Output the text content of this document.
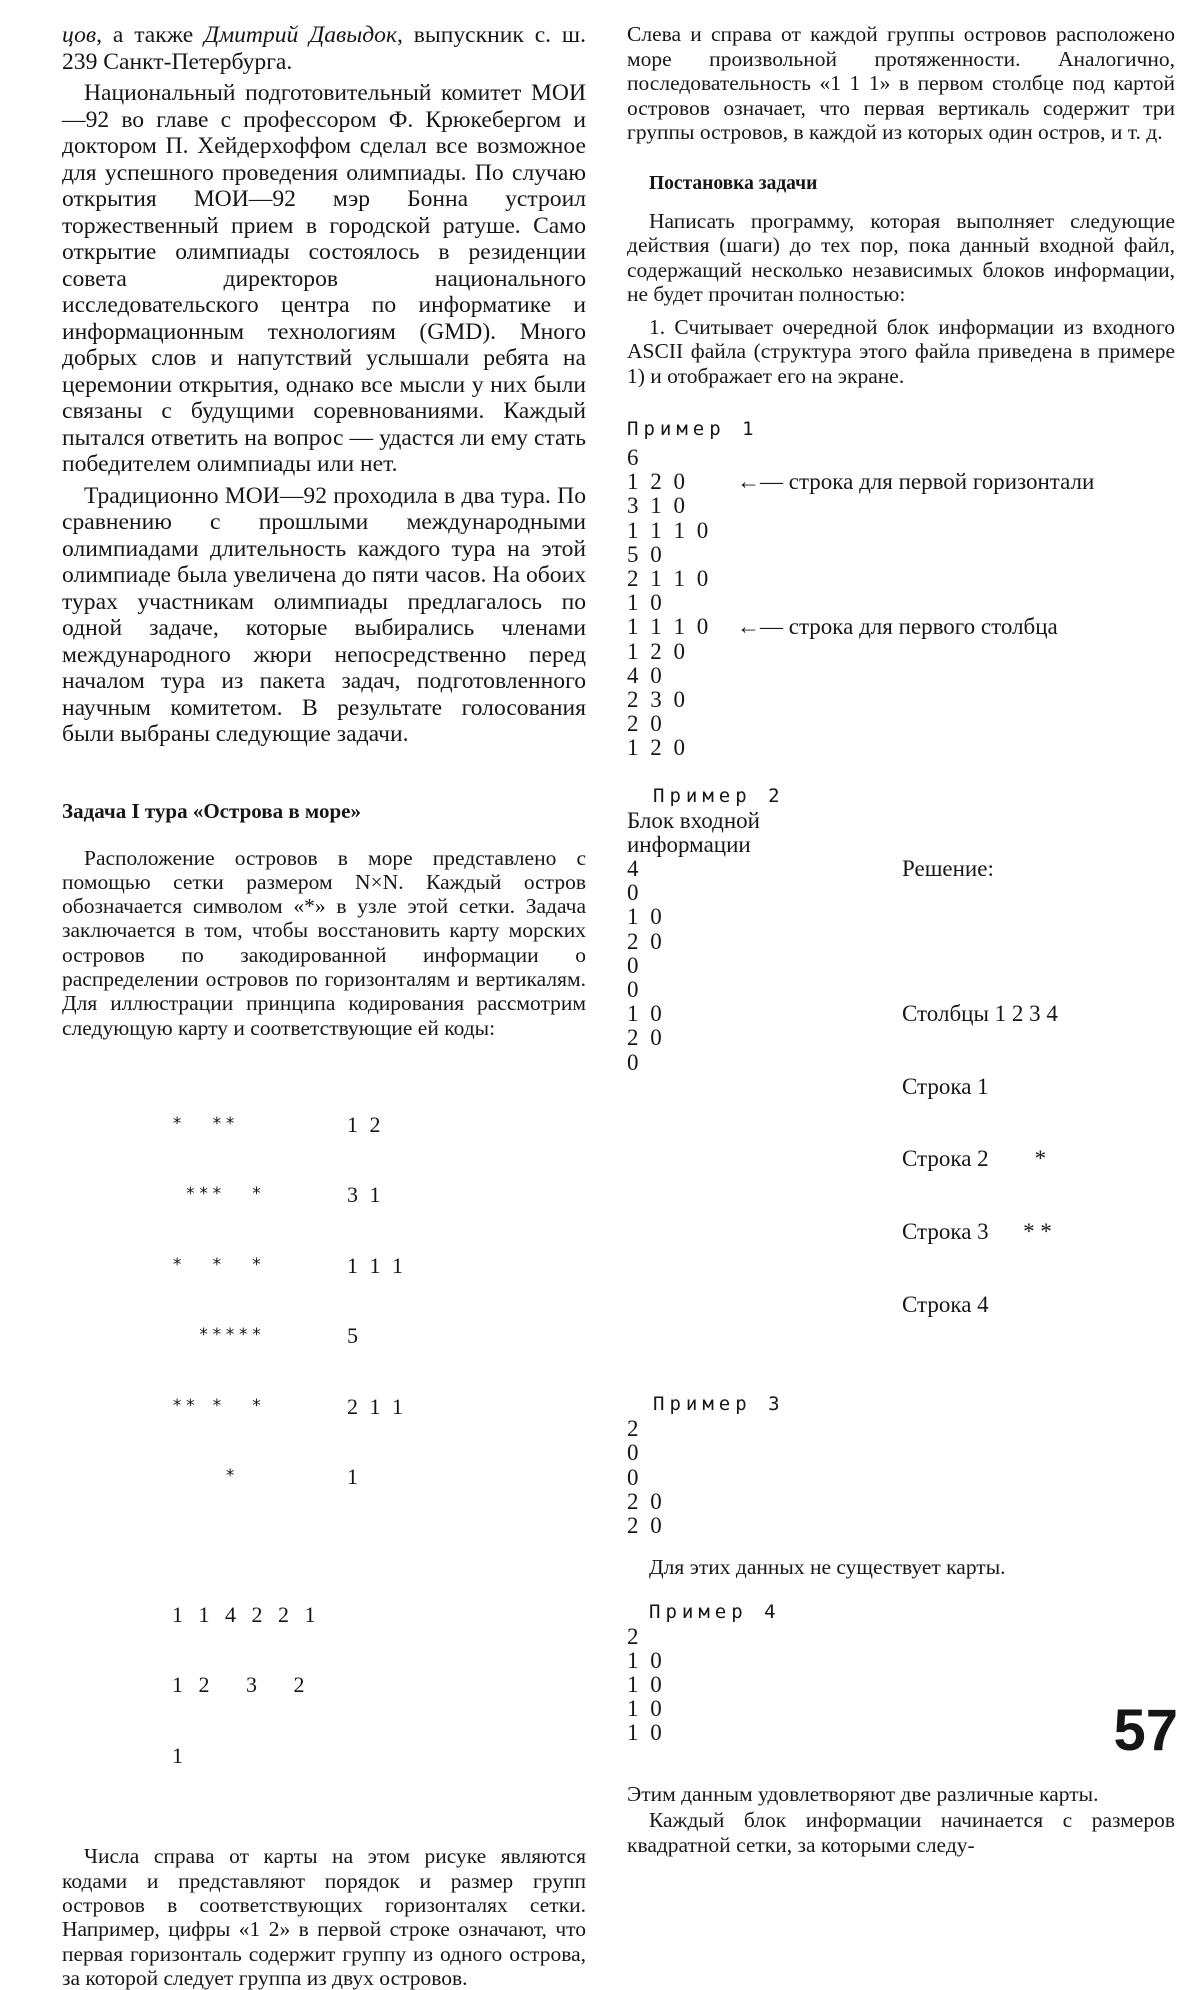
цов, а также Дмитрий Давыдок, выпускник с. ш. 239 Санкт-Петербурга.

Национальный подготовительный комитет МОИ—92 во главе с профессором Ф. Крюкебергом и доктором П. Хейдерхоффом сделал все возможное для успешного проведения олимпиады. По случаю открытия МОИ—92 мэр Бонна устроил торжественный прием в городской ратуше. Само открытие олимпиады состоялось в резиденции совета директоров национального исследовательского центра по информатике и информационным технологиям (GMD). Много добрых слов и напутствий услышали ребята на церемонии открытия, однако все мысли у них были связаны с будущими соревнованиями. Каждый пытался ответить на вопрос — удастся ли ему стать победителем олимпиады или нет.

Традиционно МОИ—92 проходила в два тура. По сравнению с прошлыми международными олимпиадами длительность каждого тура на этой олимпиаде была увеличена до пяти часов. На обоих турах участникам олимпиады предлагалось по одной задаче, которые выбирались членами международного жюри непосредственно перед началом тура из пакета задач, подготовленного научным комитетом. В результате голосования были выбраны следующие задачи.

Задача I тура «Острова в море»

Расположение островов в море представлено с помощью сетки размером N×N. Каждый остров обозначается символом «*» в узле этой сетки. Задача заключается в том, чтобы восстановить карту морских островов по закодированной информации о распределении островов по горизонталям и вертикалям. Для иллюстрации принципа кодирования рассмотрим следующую карту и соответствующие ей коды:

*  **	1 2

***  *	3 1

*  *  *	1 1 1

*****	5

** *  *	2 1 1

*	1

1 1 4 2 2 1

1 2   3   2

1

Числа справа от карты на этом рисуке являются кодами и представляют порядок и размер групп островов в соответствующих горизонталях сетки. Например, цифры «1 2» в первой строке означают, что первая горизонталь содержит группу из одного острова, за которой следует группа из двух островов.

Слева и справа от каждой группы островов расположено море произвольной протяженности. Аналогично, последовательность «1 1 1» в первом столбце под картой островов означает, что первая вертикаль содержит три группы островов, в каждой из которых один остров, и т. д.

Постановка задачи

Написать программу, которая выполняет следующие действия (шаги) до тех пор, пока данный входной файл, содержащий несколько независимых блоков информации, не будет прочитан полностью:

1. Считывает очередной блок информации из входного ASCII файла (структура этого файла приведена в примере 1) и отображает его на экране.

Пример 1
6
1 2 0	←— строка для первой горизонтали
3 1 0
1 1 1 0
5 0
2 1 1 0
1 0
1 1 1 0	←— строка для первого столбца
1 2 0
4 0
2 3 0
2 0
1 2 0
Пример 2
Блок входной
информации
4
0
1 0
2 0
0
0
1 0
2 0
0

Решение:

Столбцы 1 2 3 4

Строка 1

Строка 2        *

Строка 3      * *

Строка 4

Пример 3
2
0
0
2 0
2 0

Для этих данных не существует карты.

Пример 4
2
1 0
1 0
1 0
1 0

Этим данным удовлетворяют две различные карты.

Каждый блок информации начинается с размеров квадратной сетки, за которыми следу-

57
